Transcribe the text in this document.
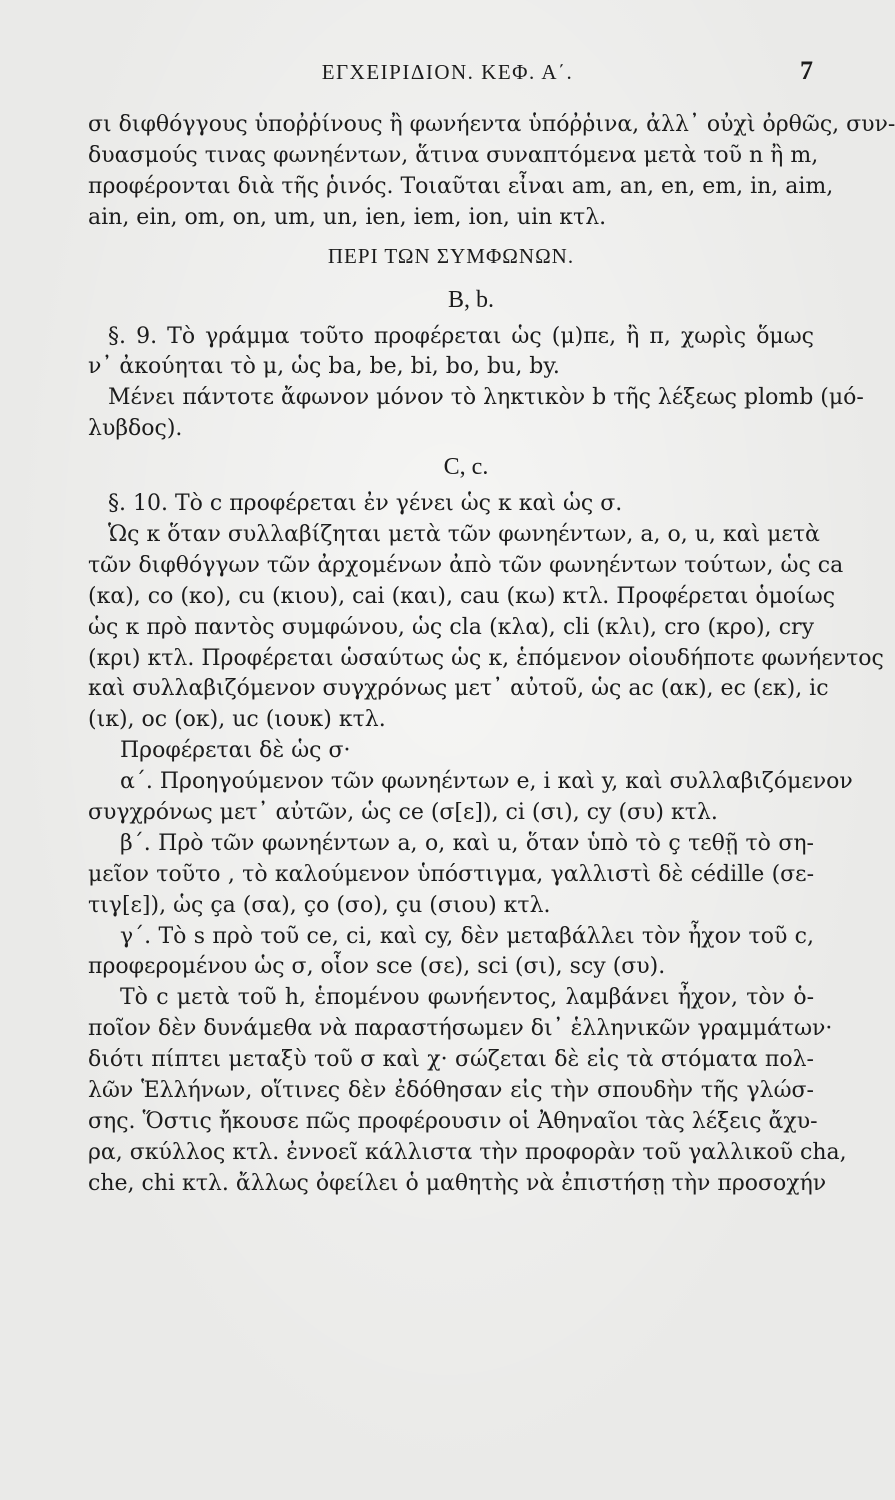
ΕΓΧΕΙΡΙΔΙΟΝ. ΚΕΦ. Α΄.	7
σι διφθόγγους ὑποῤῥίνους ἢ φωνήεντα ὑπόῤῥινα, ἀλλ᾽ οὐχὶ ὀρθῶς, συν-
δυασμούς τινας φωνηέντων, ἅτινα συναπτόμενα μετὰ τοῦ n ἢ m,
προφέρονται διὰ τῆς ῥινός. Τοιαῦται εἶναι am, an, en, em, in, aim,
ain, ein, om, on, um, un, ien, iem, ion, uin κτλ.
ΠΕΡΙ ΤΩΝ ΣΥΜΦΩΝΩΝ.
B, b.
§. 9. Τὸ γράμμα τοῦτο προφέρεται ὡς (μ)πε, ἢ π, χωρὶς ὅμως
ν᾽ ἀκούηται τὸ μ, ὡς ba, be, bi, bo, bu, by.
Μένει πάντοτε ἄφωνον μόνον τὸ ληκτικὸν b τῆς λέξεως plomb (μό-
λυβδος).
C, c.
§. 10. Τὸ c προφέρεται ἐν γένει ὡς κ καὶ ὡς σ.
Ὡς κ ὅταν συλλαβίζηται μετὰ τῶν φωνηέντων, a, o, u, καὶ μετὰ
τῶν διφθόγγων τῶν ἀρχομένων ἀπὸ τῶν φωνηέντων τούτων, ὡς ca
(κα), co (κο), cu (κιου), cai (και), cau (κω) κτλ. Προφέρεται ὁμοίως
ὡς κ πρὸ παντὸς συμφώνου, ὡς cla (κλα), cli (κλι), cro (κρο), cry
(κρι) κτλ. Προφέρεται ὡσαύτως ὡς κ, ἑπόμενον οἱουδήποτε φωνήεντος
καὶ συλλαβιζόμενον συγχρόνως μετ᾽ αὐτοῦ, ὡς ac (ακ), ec (εκ), ic
(ικ), oc (οκ), uc (ιουκ) κτλ.
Προφέρεται δὲ ὡς σ·
α΄. Προηγούμενον τῶν φωνηέντων e, i καὶ y, καὶ συλλαβιζόμενον
συγχρόνως μετ᾽ αὐτῶν, ὡς ce (σ[ε]), ci (σι), cy (συ) κτλ.
β΄. Πρὸ τῶν φωνηέντων a, o, καὶ u, ὅταν ὑπὸ τὸ ç τεθῇ τὸ ση-
μεῖον τοῦτο , τὸ καλούμενον ὑπόστιγμα, γαλλιστὶ δὲ cédille (σε-
τιγ[ε]), ὡς ça (σα), ço (σο), çu (σιου) κτλ.
γ΄. Τὸ s πρὸ τοῦ ce, ci, καὶ cy, δὲν μεταβάλλει τὸν ἦχον τοῦ c,
προφερομένου ὡς σ, οἷον sce (σε), sci (σι), scy (συ).
Τὸ c μετὰ τοῦ h, ἑπομένου φωνήεντος, λαμβάνει ἦχον, τὸν ὁ-
ποῖον δὲν δυνάμεθα νὰ παραστήσωμεν δι᾽ ἑλληνικῶν γραμμάτων·
διότι πίπτει μεταξὺ τοῦ σ καὶ χ· σώζεται δὲ εἰς τὰ στόματα πολ-
λῶν Ἑλλήνων, οἵτινες δὲν ἐδόθησαν εἰς τὴν σπουδὴν τῆς γλώσ-
σης. Ὅστις ἤκουσε πῶς προφέρουσιν οἱ Ἀθηναῖοι τὰς λέξεις ἄχυ-
ρα, σκύλλος κτλ. ἐννοεῖ κάλλιστα τὴν προφορὰν τοῦ γαλλικοῦ cha,
che, chi κτλ. ἄλλως ὀφείλει ὁ μαθητὴς νὰ ἐπιστήσῃ τὴν προσοχήν
